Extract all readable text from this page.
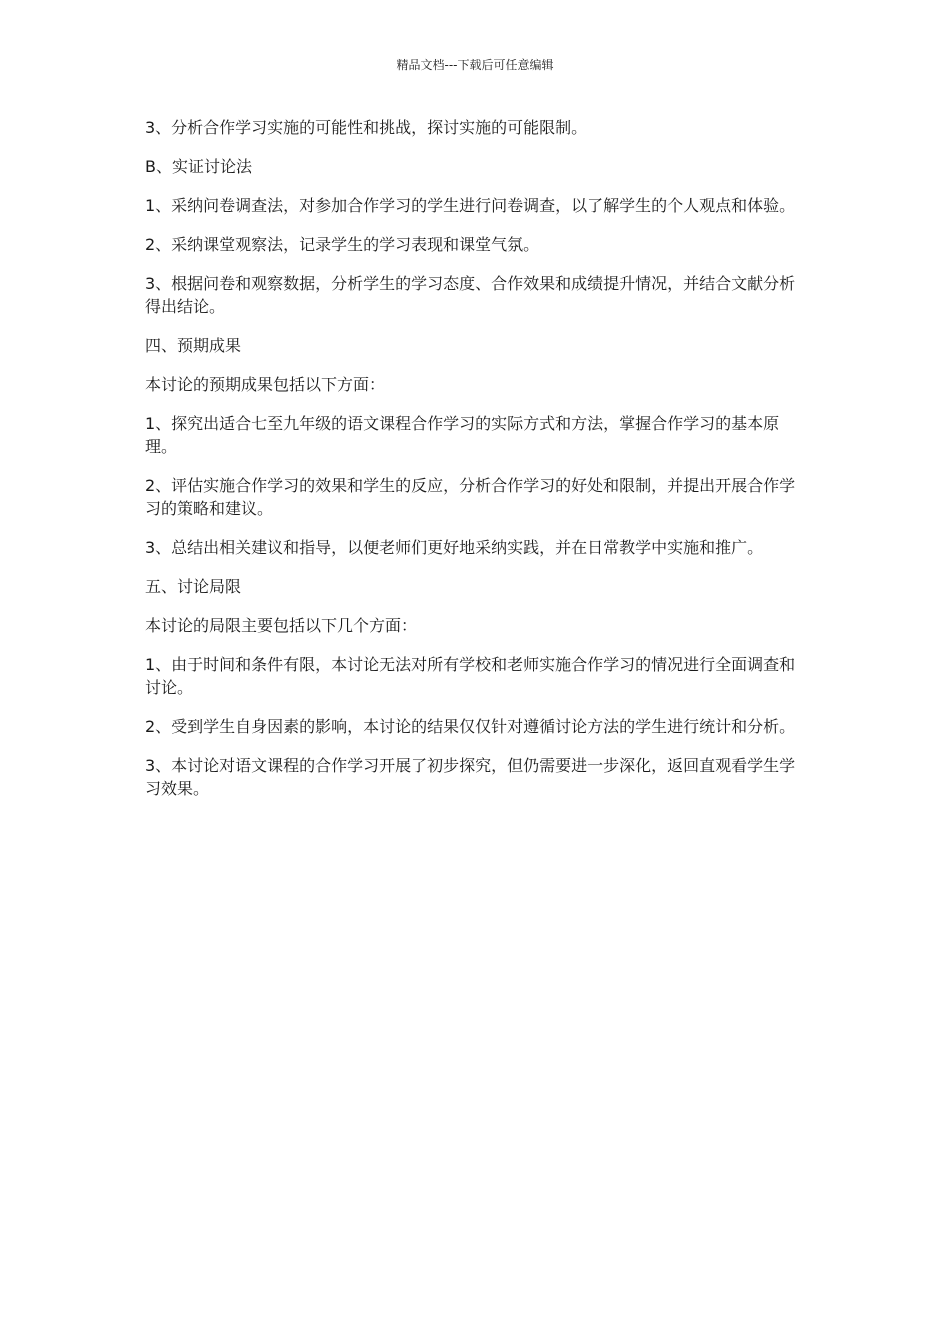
精品文档---下载后可任意编辑

3、分析合作学习实施的可能性和挑战，探讨实施的可能限制。

B、实证讨论法

1、采纳问卷调查法，对参加合作学习的学生进行问卷调查，以了解学生的个人观点和体验。

2、采纳课堂观察法，记录学生的学习表现和课堂气氛。

3、根据问卷和观察数据，分析学生的学习态度、合作效果和成绩提升情况，并结合文献分析得出结论。

四、预期成果

本讨论的预期成果包括以下方面：

1、探究出适合七至九年级的语文课程合作学习的实际方式和方法，掌握合作学习的基本原理。

2、评估实施合作学习的效果和学生的反应，分析合作学习的好处和限制，并提出开展合作学习的策略和建议。

3、总结出相关建议和指导，以便老师们更好地采纳实践，并在日常教学中实施和推广。

五、讨论局限

本讨论的局限主要包括以下几个方面：

1、由于时间和条件有限，本讨论无法对所有学校和老师实施合作学习的情况进行全面调查和讨论。

2、受到学生自身因素的影响，本讨论的结果仅仅针对遵循讨论方法的学生进行统计和分析。

3、本讨论对语文课程的合作学习开展了初步探究，但仍需要进一步深化，返回直观看学生学习效果。
